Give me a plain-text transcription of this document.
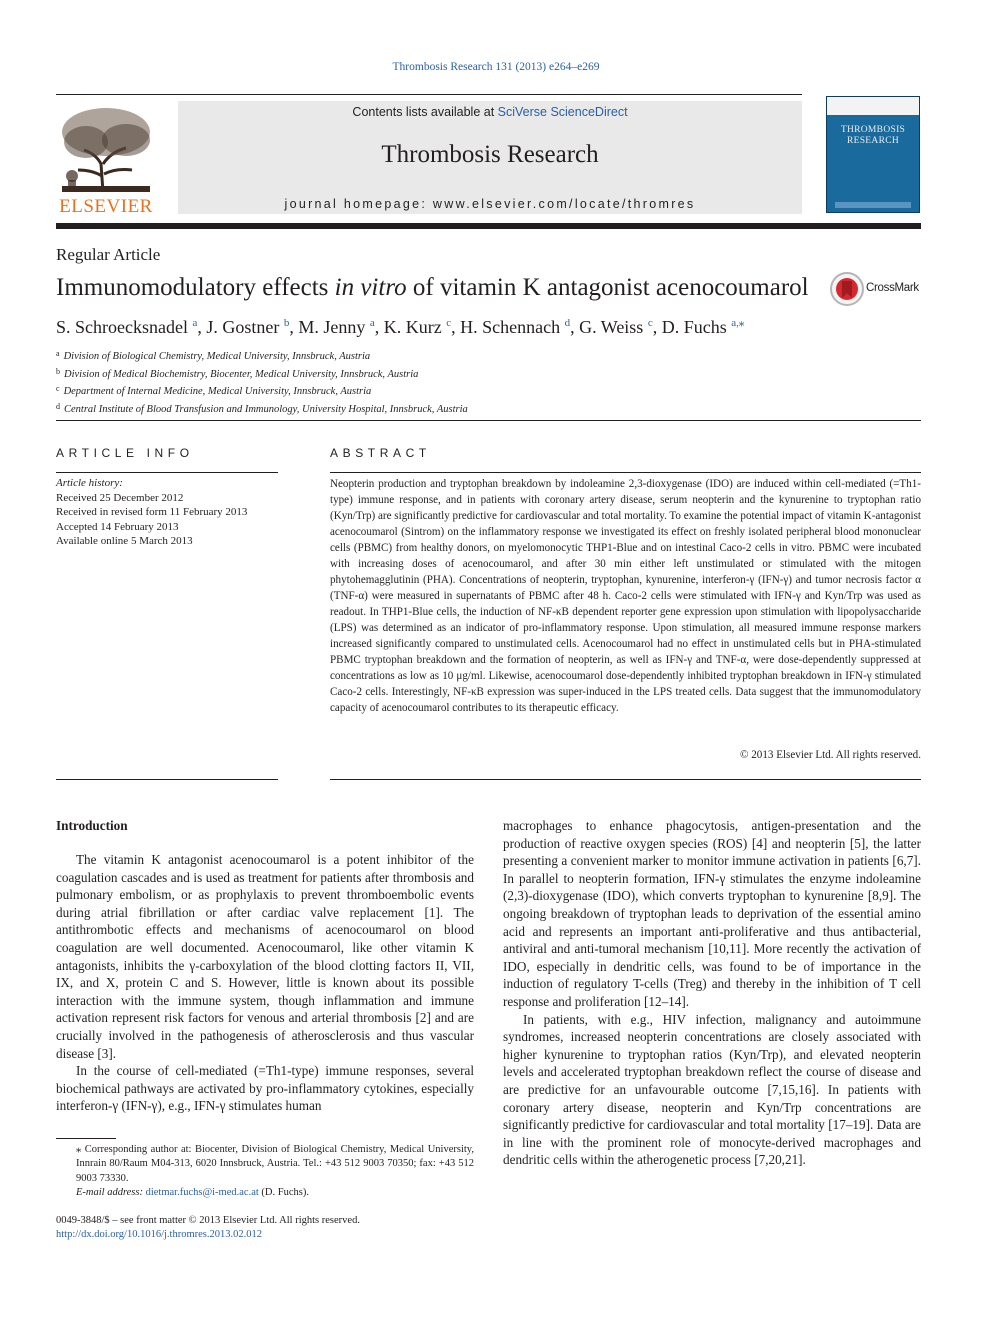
Thrombosis Research 131 (2013) e264–e269
ELSEVIER
Contents lists available at SciVerse ScienceDirect
Thrombosis Research
journal homepage: www.elsevier.com/locate/thromres
THROMBOSIS RESEARCH
Regular Article
Immunomodulatory effects in vitro of vitamin K antagonist acenocoumarol	CrossMark
S. Schroecksnadel $^a$, J. Gostner $^b$, M. Jenny $^a$, K. Kurz $^c$, H. Schennach $^d$, G. Weiss $^c$, D. Fuchs $^{a,⁎}$
$^a$ Division of Biological Chemistry, Medical University, Innsbruck, Austria
$^b$ Division of Medical Biochemistry, Biocenter, Medical University, Innsbruck, Austria
$^c$ Department of Internal Medicine, Medical University, Innsbruck, Austria
$^d$ Central Institute of Blood Transfusion and Immunology, University Hospital, Innsbruck, Austria
ARTICLE INFO
Article history:
Received 25 December 2012
Received in revised form 11 February 2013
Accepted 14 February 2013
Available online 5 March 2013
ABSTRACT
Neopterin production and tryptophan breakdown by indoleamine 2,3-dioxygenase (IDO) are induced within cell-mediated (=Th1-type) immune response, and in patients with coronary artery disease, serum neopterin and the kynurenine to tryptophan ratio (Kyn/Trp) are significantly predictive for cardiovascular and total mortality. To examine the potential impact of vitamin K-antagonist acenocoumarol (Sintrom) on the inflammatory response we investigated its effect on freshly isolated peripheral blood mononuclear cells (PBMC) from healthy donors, on myelomonocytic THP1-Blue and on intestinal Caco-2 cells in vitro. PBMC were incubated with increasing doses of acenocoumarol, and after 30 min either left unstimulated or stimulated with the mitogen phytohemagglutinin (PHA). Concentrations of neopterin, tryptophan, kynurenine, interferon-γ (IFN-γ) and tumor necrosis factor α (TNF-α) were measured in supernatants of PBMC after 48 h. Caco-2 cells were stimulated with IFN-γ and Kyn/Trp was used as readout. In THP1-Blue cells, the induction of NF-κB dependent reporter gene expression upon stimulation with lipopolysaccharide (LPS) was determined as an indicator of pro-inflammatory response. Upon stimulation, all measured immune response markers increased significantly compared to unstimulated cells. Acenocoumarol had no effect in unstimulated cells but in PHA-stimulated PBMC tryptophan breakdown and the formation of neopterin, as well as IFN-γ and TNF-α, were dose-dependently suppressed at concentrations as low as 10 μg/ml. Likewise, acenocoumarol dose-dependently inhibited tryptophan breakdown in IFN-γ stimulated Caco-2 cells. Interestingly, NF-κB expression was super-induced in the LPS treated cells. Data suggest that the immunomodulatory capacity of acenocoumarol contributes to its therapeutic efficacy.
© 2013 Elsevier Ltd. All rights reserved.
Introduction

The vitamin K antagonist acenocoumarol is a potent inhibitor of the coagulation cascades and is used as treatment for patients after thrombosis and pulmonary embolism, or as prophylaxis to prevent thromboembolic events during atrial fibrillation or after cardiac valve replacement [1]. The antithrombotic effects and mechanisms of acenocoumarol on blood coagulation are well documented. Acenocoumarol, like other vitamin K antagonists, inhibits the γ-carboxylation of the blood clotting factors II, VII, IX, and X, protein C and S. However, little is known about its possible interaction with the immune system, though inflammation and immune activation represent risk factors for venous and arterial thrombosis [2] and are crucially involved in the pathogenesis of atherosclerosis and thus vascular disease [3].

In the course of cell-mediated (=Th1-type) immune responses, several biochemical pathways are activated by pro-inflammatory cytokines, especially interferon-γ (IFN-γ), e.g., IFN-γ stimulates human

macrophages to enhance phagocytosis, antigen-presentation and the production of reactive oxygen species (ROS) [4] and neopterin [5], the latter presenting a convenient marker to monitor immune activation in patients [6,7]. In parallel to neopterin formation, IFN-γ stimulates the enzyme indoleamine (2,3)-dioxygenase (IDO), which converts tryptophan to kynurenine [8,9]. The ongoing breakdown of tryptophan leads to deprivation of the essential amino acid and represents an important anti-proliferative and thus antibacterial, antiviral and anti-tumoral mechanism [10,11]. More recently the activation of IDO, especially in dendritic cells, was found to be of importance in the induction of regulatory T-cells (Treg) and thereby in the inhibition of T cell response and proliferation [12–14].

In patients, with e.g., HIV infection, malignancy and autoimmune syndromes, increased neopterin concentrations are closely associated with higher kynurenine to tryptophan ratios (Kyn/Trp), and elevated neopterin levels and accelerated tryptophan breakdown reflect the course of disease and are predictive for an unfavourable outcome [7,15,16]. In patients with coronary artery disease, neopterin and Kyn/Trp concentrations are significantly predictive for cardiovascular and total mortality [17–19]. Data are in line with the prominent role of monocyte-derived macrophages and dendritic cells within the atherogenetic process [7,20,21].

⁎ Corresponding author at: Biocenter, Division of Biological Chemistry, Medical University, Innrain 80/Raum M04-313, 6020 Innsbruck, Austria. Tel.: +43 512 9003 70350; fax: +43 512 9003 73330.
E-mail address: dietmar.fuchs@i-med.ac.at (D. Fuchs).
0049-3848/$ – see front matter © 2013 Elsevier Ltd. All rights reserved.
http://dx.doi.org/10.1016/j.thromres.2013.02.012
